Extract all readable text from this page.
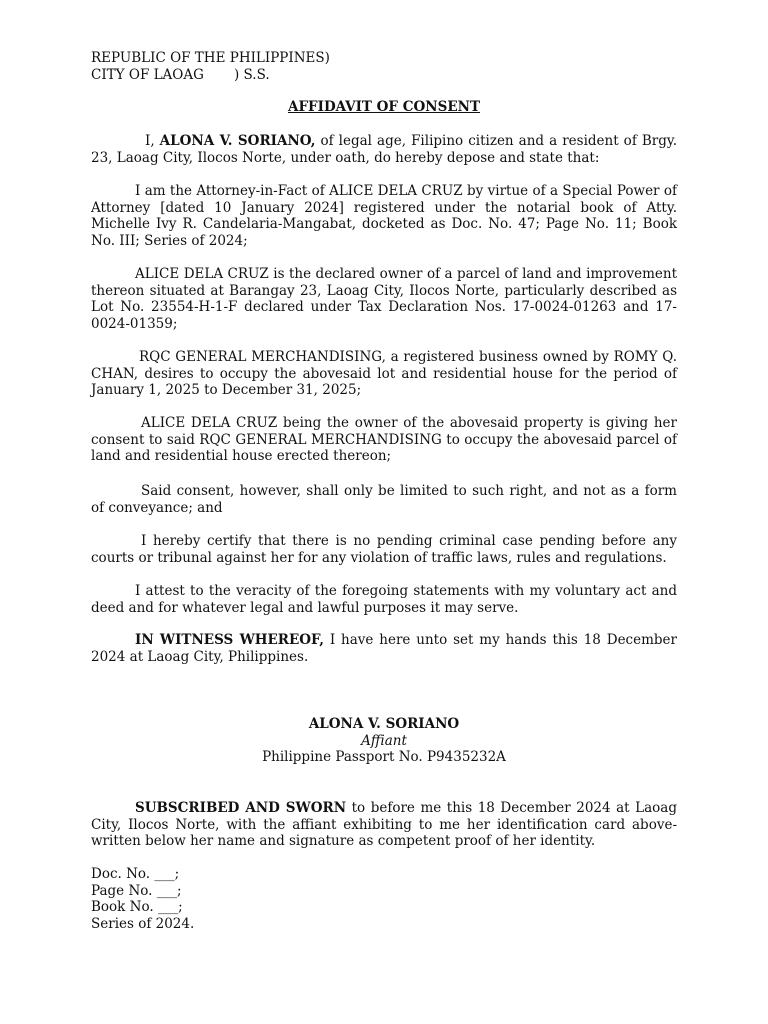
REPUBLIC OF THE PHILIPPINES)
CITY OF LAOAG       ) S.S.
AFFIDAVIT OF CONSENT
I, ALONA V. SORIANO, of legal age, Filipino citizen and a resident of Brgy. 23, Laoag City, Ilocos Norte, under oath, do hereby depose and state that:
I am the Attorney-in-Fact of ALICE DELA CRUZ by virtue of a Special Power of Attorney [dated 10 January 2024] registered under the notarial book of Atty. Michelle Ivy R. Candelaria-Mangabat, docketed as Doc. No. 47; Page No. 11; Book No. III; Series of 2024;
ALICE DELA CRUZ is the declared owner of a parcel of land and improvement thereon situated at Barangay 23, Laoag City, Ilocos Norte, particularly described as Lot No. 23554-H-1-F declared under Tax Declaration Nos. 17-0024-01263 and 17-0024-01359;
RQC GENERAL MERCHANDISING, a registered business owned by ROMY Q. CHAN, desires to occupy the abovesaid lot and residential house for the period of January 1, 2025 to December 31, 2025;
ALICE DELA CRUZ being the owner of the abovesaid property is giving her consent to said RQC GENERAL MERCHANDISING to occupy the abovesaid parcel of land and residential house erected thereon;
Said consent, however, shall only be limited to such right, and not as a form of conveyance; and
I hereby certify that there is no pending criminal case pending before any courts or tribunal against her for any violation of traffic laws, rules and regulations.
I attest to the veracity of the foregoing statements with my voluntary act and deed and for whatever legal and lawful purposes it may serve.
IN WITNESS WHEREOF, I have here unto set my hands this 18 December 2024 at Laoag City, Philippines.
ALONA V. SORIANO
Affiant
Philippine Passport No. P9435232A
SUBSCRIBED AND SWORN to before me this 18 December 2024 at Laoag City, Ilocos Norte, with the affiant exhibiting to me her identification card above-written below her name and signature as competent proof of her identity.
Doc. No. ___;
Page No. ___;
Book No. ___;
Series of 2024.
